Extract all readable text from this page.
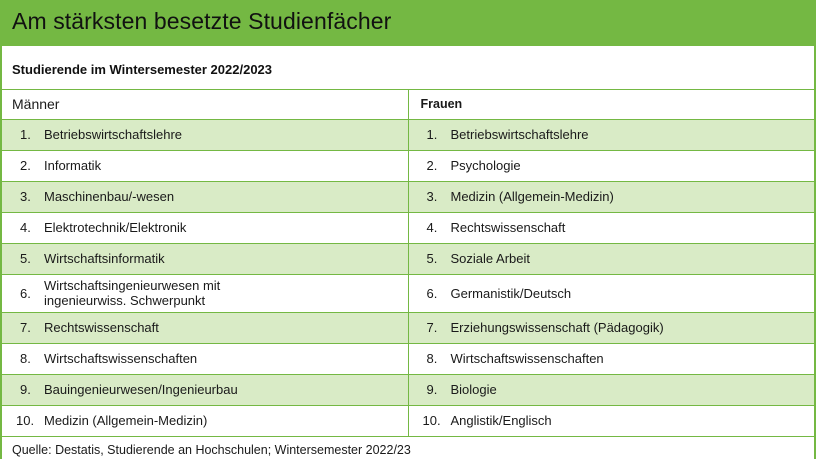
Am stärksten besetzte Studienfächer
Studierende im Wintersemester 2022/2023
Männer	Frauen

1. Betriebswirtschaftslehre	1. Betriebswirtschaftslehre

2. Informatik	2. Psychologie

3. Maschinenbau/-wesen	3. Medizin (Allgemein-Medizin)

4. Elektrotechnik/Elektronik	4. Rechtswissenschaft

5. Wirtschaftsinformatik	5. Soziale Arbeit

6. Wirtschaftsingenieurwesen mit ingenieurwiss. Schwerpunkt	6. Germanistik/Deutsch

7. Rechtswissenschaft	7. Erziehungswissenschaft (Pädagogik)

8. Wirtschaftswissenschaften	8. Wirtschaftswissenschaften

9. Bauingenieurwesen/Ingenieurbau	9. Biologie

10. Medizin (Allgemein-Medizin)	10. Anglistik/Englisch

Quelle: Destatis, Studierende an Hochschulen; Wintersemester 2022/23	
